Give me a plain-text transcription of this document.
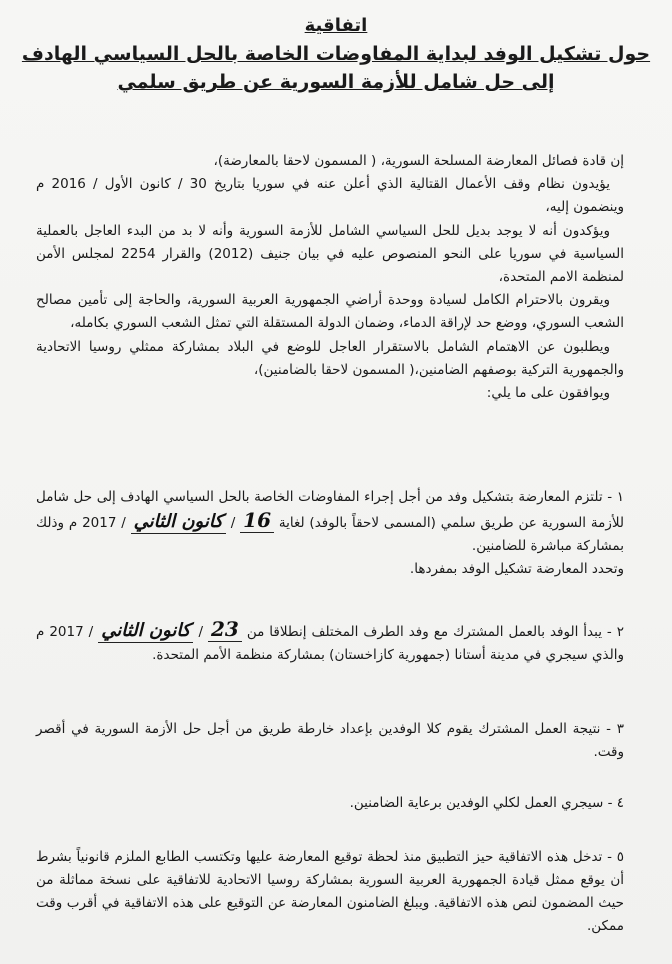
اتفاقية

حول تشكيل الوفد لبداية المفاوضات الخاصة بالحل السياسي الهادف

إلى حل شامل للأزمة السورية عن طريق سلمي

إن قادة فصائل المعارضة المسلحة السورية، ( المسمون لاحقا بالمعارضة)،

يؤيدون نظام وقف الأعمال القتالية الذي أعلن عنه في سوريا بتاريخ 30 / كانون الأول / 2016 م وينضمون إليه،

ويؤكدون أنه لا يوجد بديل للحل السياسي الشامل للأزمة السورية وأنه لا بد من البدء العاجل بالعملية السياسية في سوريا على النحو المنصوص عليه في بيان جنيف (2012) والقرار 2254 لمجلس الأمن لمنظمة الامم المتحدة،

ويقرون بالاحترام الكامل لسيادة ووحدة أراضي الجمهورية العربية السورية، والحاجة إلى تأمين مصالح الشعب السوري، ووضع حد لإراقة الدماء، وضمان الدولة المستقلة التي تمثل الشعب السوري بكامله،

ويطلبون عن الاهتمام الشامل بالاستقرار العاجل للوضع في البلاد بمشاركة ممثلي روسيا الاتحادية والجمهورية التركية بوصفهم الضامنين،( المسمون لاحقا بالضامنين)،

ويوافقون على ما يلي:

١ - تلتزم المعارضة بتشكيل وفد من أجل إجراء المفاوضات الخاصة بالحل السياسي الهادف إلى حل شامل للأزمة السورية عن طريق سلمي (المسمى لاحقاً بالوفد) لغاية 16 / كانون الثاني / 2017 م وذلك بمشاركة مباشرة للضامنين.
وتحدد المعارضة تشكيل الوفد بمفردها.
٢ - يبدأ الوفد بالعمل المشترك مع وفد الطرف المختلف إنطلاقا من 23 / كانون الثاني / 2017 م والذي سيجري في مدينة أستانا (جمهورية كازاخستان) بمشاركة منظمة الأمم المتحدة.
٣ - نتيجة العمل المشترك يقوم كلا الوفدين بإعداد خارطة طريق من أجل حل الأزمة السورية في أقصر وقت.
٤ - سيجري العمل لكلي الوفدين برعاية الضامنين.
٥ - تدخل هذه الاتفاقية حيز التطبيق منذ لحظة توقيع المعارضة عليها وتكتسب الطابع الملزم قانونياً بشرط أن يوقع ممثل قيادة الجمهورية العربية السورية بمشاركة روسيا الاتحادية للاتفاقية على نسخة مماثلة من حيث المضمون لنص هذه الاتفاقية. ويبلغ الضامنون المعارضة عن التوقيع على هذه الاتفاقية في أقرب وقت ممكن.
